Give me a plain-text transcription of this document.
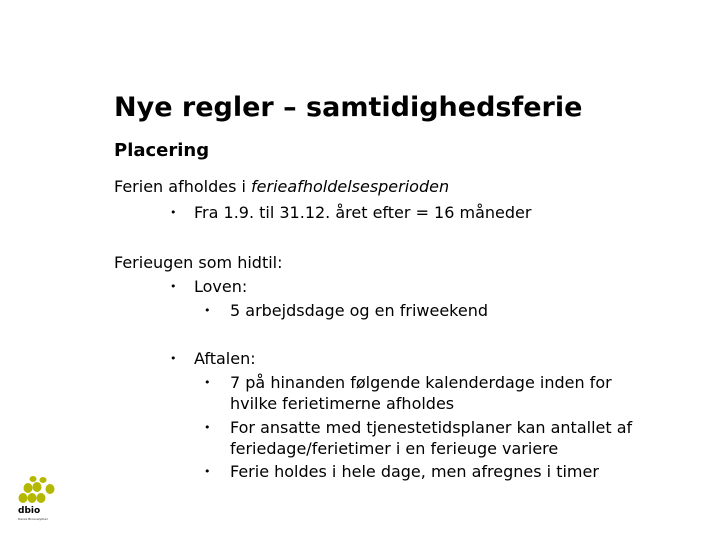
Nye regler – samtidighedsferie
Placering
Ferien afholdes i ferieafholdelsesperioden
• Fra 1.9. til 31.12. året efter = 16 måneder
Ferieugen som hidtil:
• Loven:
• 5 arbejdsdage og en friweekend
• Aftalen:
• 7 på hinanden følgende kalenderdage inden for
hvilke ferietimerne afholdes
• For ansatte med tjenestetidsplaner kan antallet af
feriedage/ferietimer i en ferieuge variere
• Ferie holdes i hele dage, men afregnes i timer
dbio
Dansk Bioanalytiker
